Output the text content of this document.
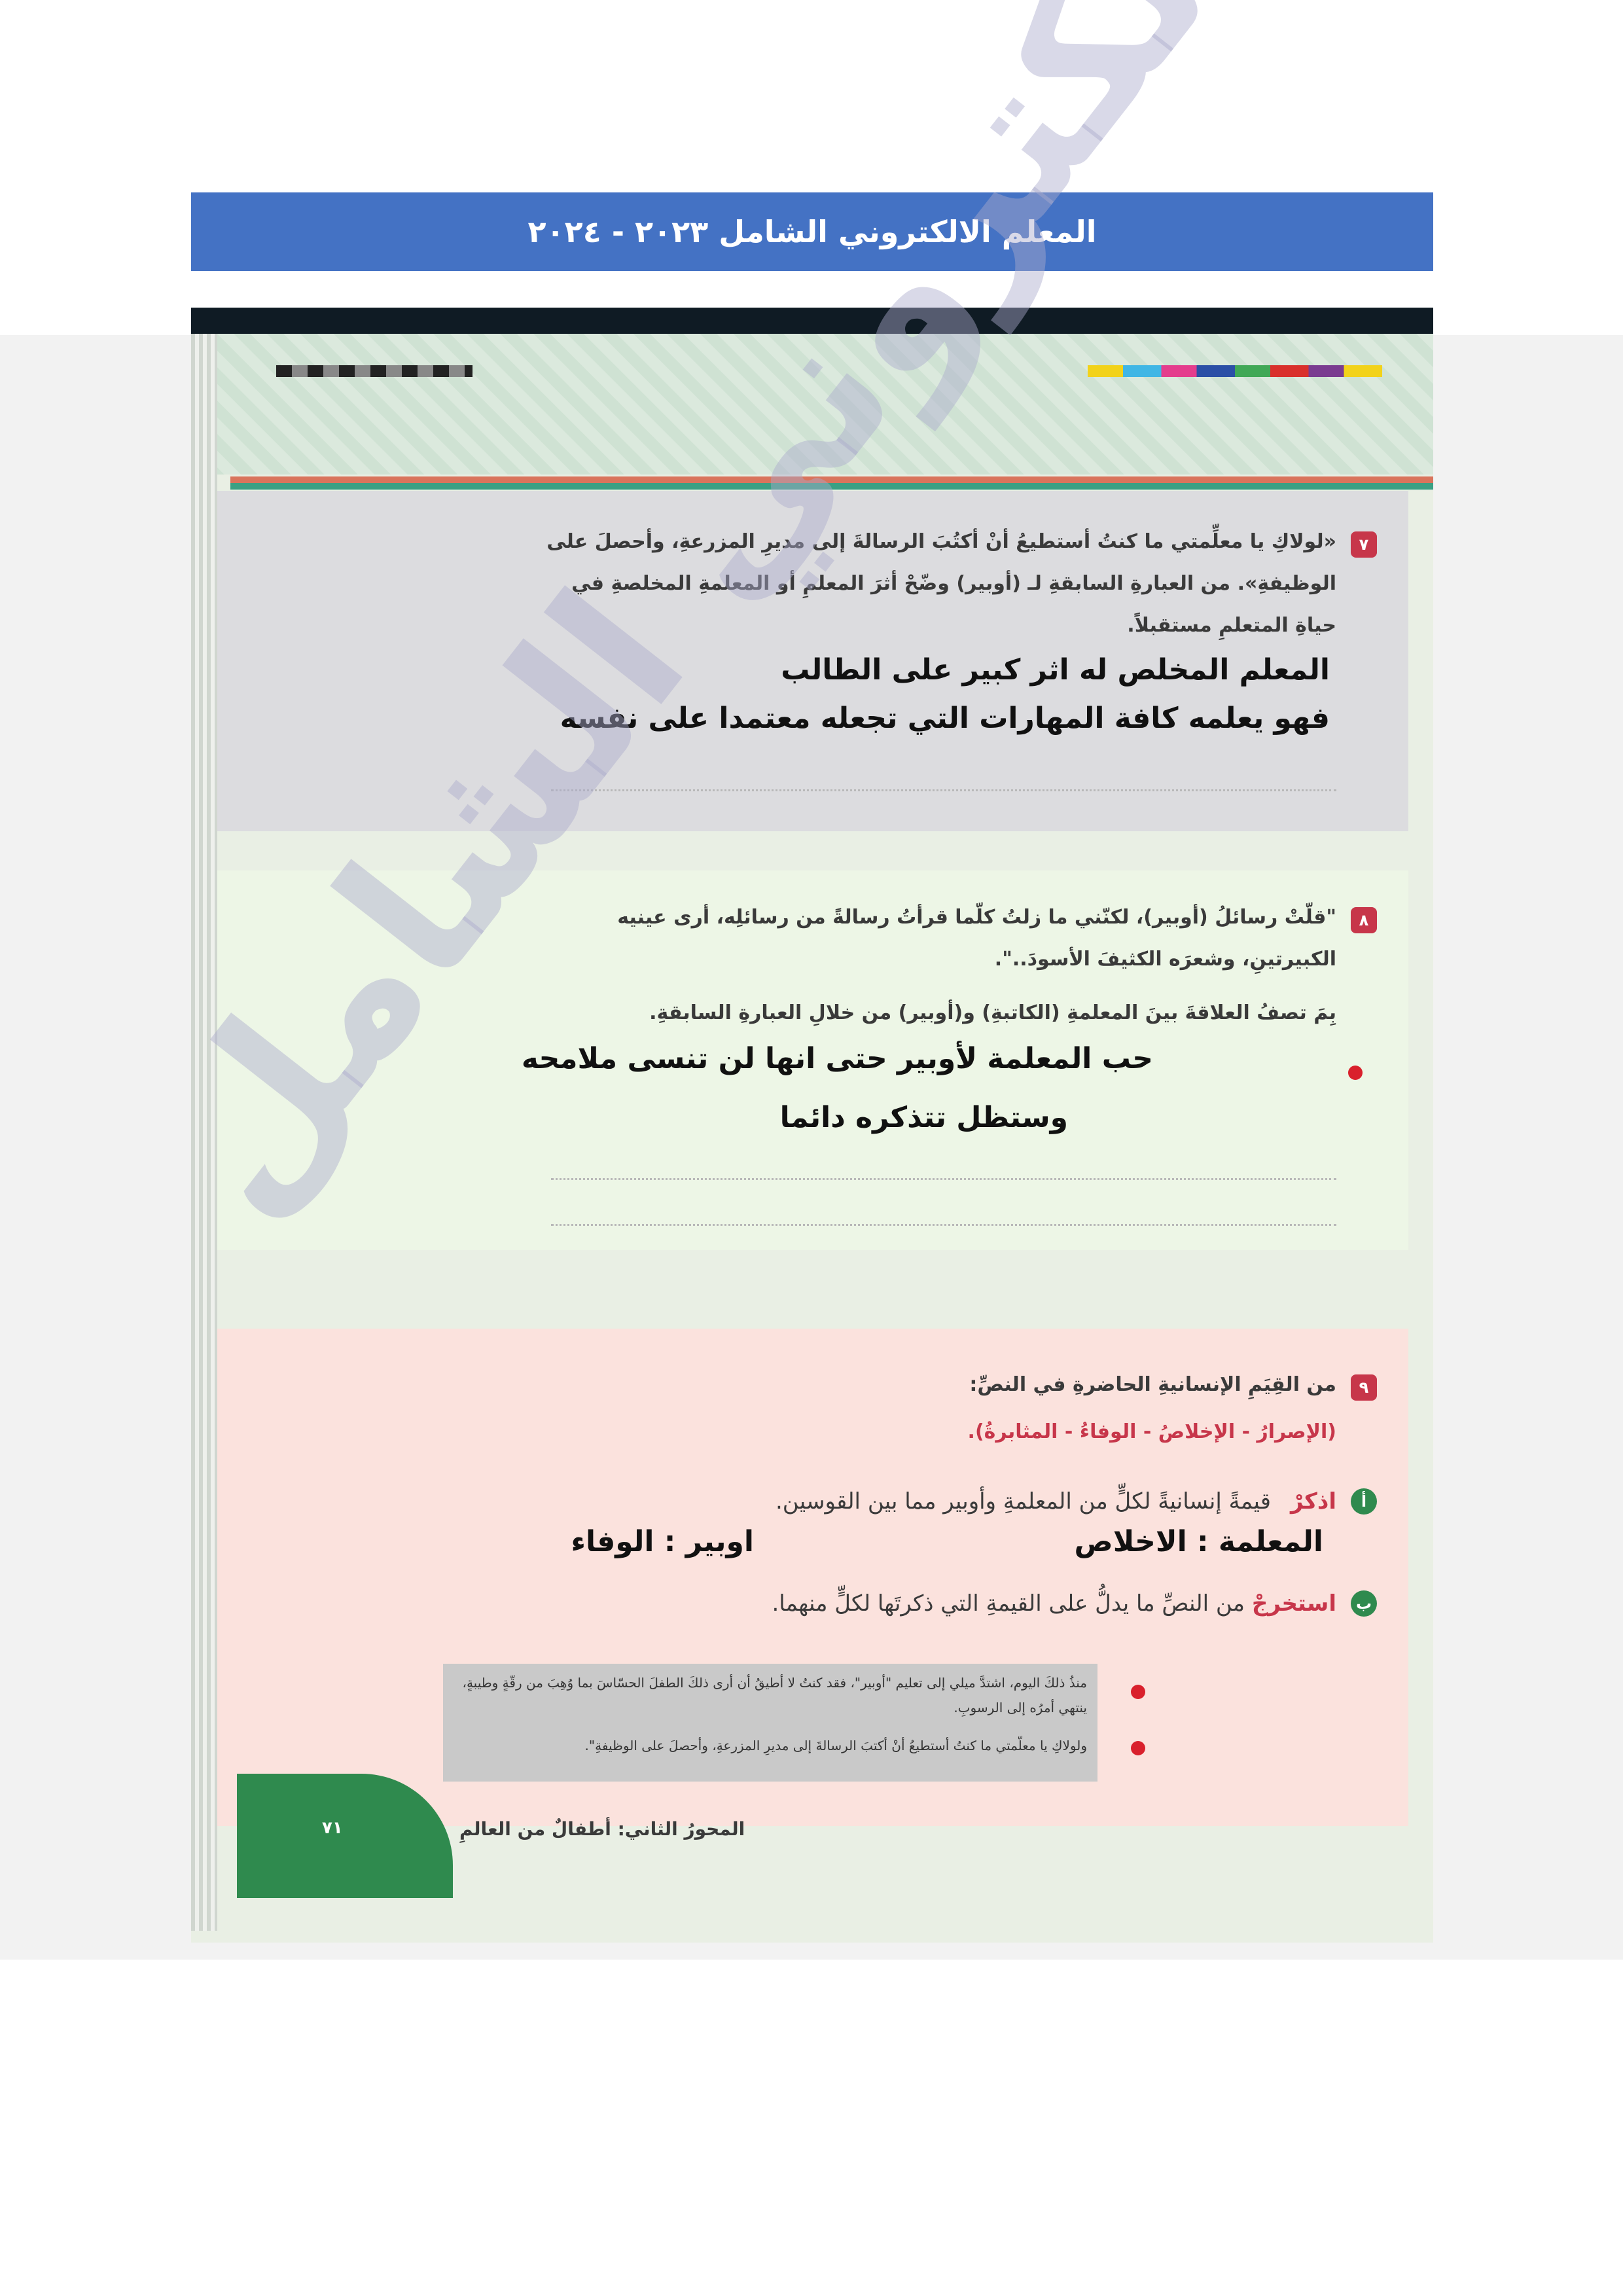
المعلم الالكتروني الشامل ٢٠٢٣ - ٢٠٢٤
٧
«لولاكِ يا معلِّمتي ما كنتُ أستطيعُ أنْ أكتُبَ الرسالةَ إلى مديرِ المزرعةِ، وأحصلَ على
الوظيفةِ». من العبارةِ السابقةِ لـ (أوبير) وضّحْ أثرَ المعلمِ أو المعلمةِ المخلصةِ في
حياةِ المتعلمِ مستقبلاً.
المعلم المخلص له اثر كبير على الطالب
فهو يعلمه كافة المهارات التي تجعله معتمدا على نفسه
٨
"قلّتْ رسائلُ (أوبير)، لكنّني ما زلتُ كلّما قرأتُ رسالةً من رسائلِه، أرى عينيه
الكبيرتينِ، وشعرَه الكثيفَ الأسودَ..".
بِمَ تصفُ العلاقةَ بينَ المعلمةِ (الكاتبةِ) و(أوبير) من خلالِ العبارةِ السابقةِ.
حب المعلمة لأوبير حتى انها لن تنسى ملامحه
وستظل تتذكره دائما
٩
من القِيَمِ الإنسانيةِ الحاضرةِ في النصِّ:
(الإصرارُ - الإخلاصُ - الوفاءُ - المثابرةُ).
أ
اذكرْ
قيمةً إنسانيةً لكلٍّ من المعلمةِ وأوبير مما بين القوسين.
المعلمة : الاخلاص
اوبير : الوفاء
ب
استخرجْ
من النصِّ ما يدلُّ على القيمةِ التي ذكرتَها لكلٍّ منهما.
منذُ ذلكَ اليوم، اشتدَّ ميلي إلى تعليم "أوبير"، فقد كنتُ لا أطيقُ أن أرى ذلكَ الطفلَ الحسّاسَ بما وُهِبَ من رقّةٍ وطيبةٍ، ينتهي أمرُه إلى الرسوبِ.
ولولاكِ يا معلّمتي ما كنتُ أستطيعُ أنْ أكتبَ الرسالةَ إلى مديرِ المزرعةِ، وأحصلَ على الوظيفةِ".
٧١	المحورُ الثاني: أطفالٌ من العالمِ
الالكتروني الشامل
